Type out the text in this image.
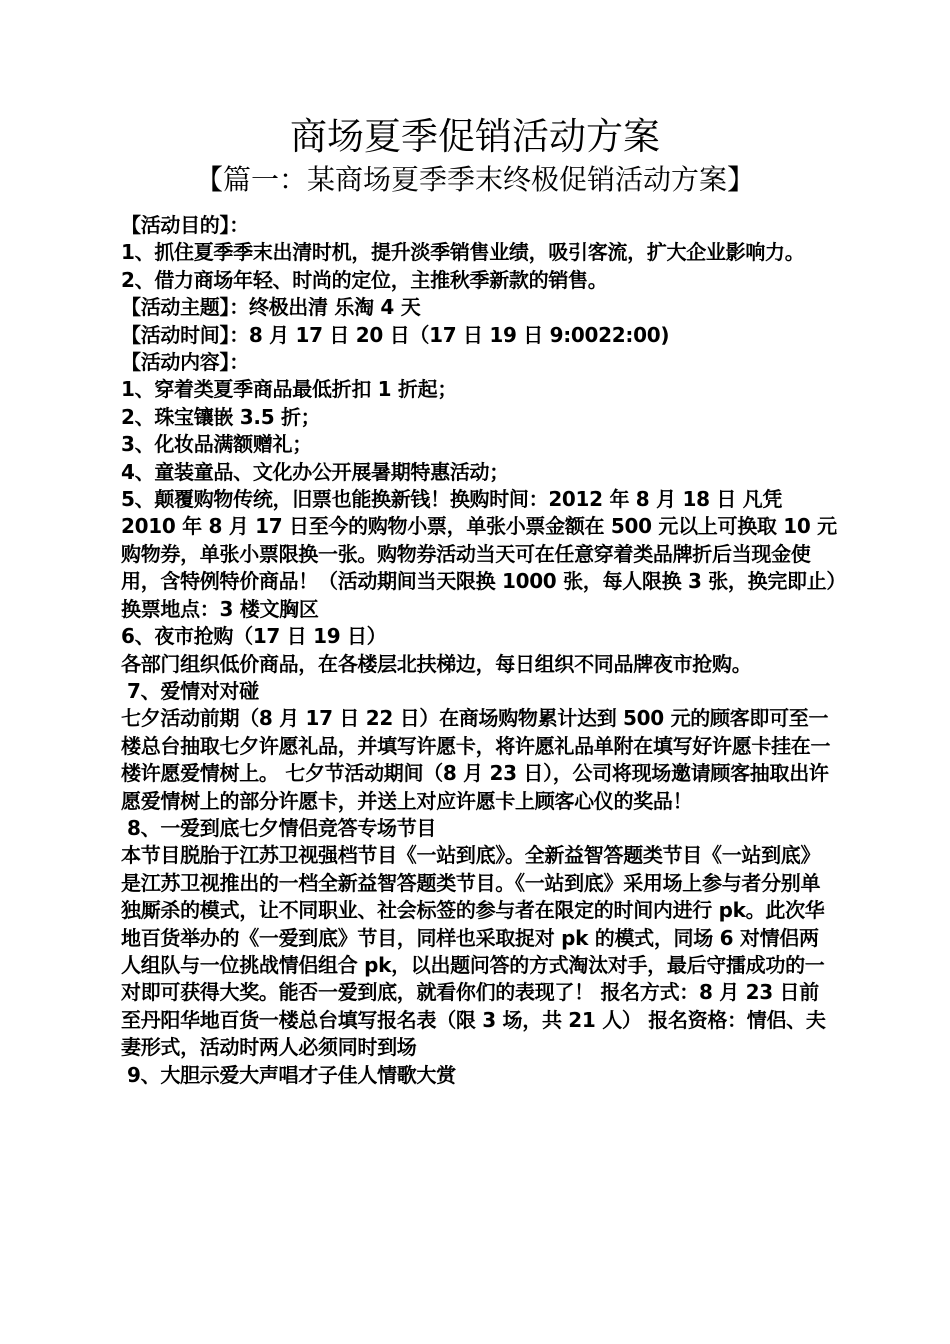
商场夏季促销活动方案
【篇一：某商场夏季季末终极促销活动方案】

【活动目的】：

1、抓住夏季季末出清时机，提升淡季销售业绩，吸引客流，扩大企业影响力。

2、借力商场年轻、时尚的定位，主推秋季新款的销售。

【活动主题】：终极出清 乐淘 4 天

【活动时间】：8 月 17 日 20 日（17 日 19 日 9:0022:00)

【活动内容】：

1、穿着类夏季商品最低折扣 1 折起；

2、珠宝镶嵌 3.5 折；

3、化妆品满额赠礼；

4、童装童品、文化办公开展暑期特惠活动；

5、颠覆购物传统，旧票也能换新钱！换购时间：2012 年 8 月 18 日 凡凭 2010 年 8 月 17 日至今的购物小票，单张小票金额在 500 元以上可换取 10 元购物券，单张小票限换一张。购物券活动当天可在任意穿着类品牌折后当现金使用，含特例特价商品！（活动期间当天限换 1000 张，每人限换 3 张，换完即止）换票地点：3 楼文胸区

6、夜市抢购（17 日 19 日）

各部门组织低价商品，在各楼层北扶梯边，每日组织不同品牌夜市抢购。

7、爱情对对碰

七夕活动前期（8 月 17 日 22 日）在商场购物累计达到 500 元的顾客即可至一楼总台抽取七夕许愿礼品，并填写许愿卡，将许愿礼品单附在填写好许愿卡挂在一楼许愿爱情树上。 七夕节活动期间（8 月 23 日），公司将现场邀请顾客抽取出许愿爱情树上的部分许愿卡，并送上对应许愿卡上顾客心仪的奖品！

8、一爱到底七夕情侣竞答专场节目

本节目脱胎于江苏卫视强档节目《一站到底》。全新益智答题类节目《一站到底》是江苏卫视推出的一档全新益智答题类节目。《一站到底》采用场上参与者分别单独厮杀的模式，让不同职业、社会标签的参与者在限定的时间内进行 pk。此次华地百货举办的《一爱到底》节目，同样也采取捉对 pk 的模式，同场 6 对情侣两人组队与一位挑战情侣组合 pk，以出题问答的方式淘汰对手，最后守擂成功的一对即可获得大奖。能否一爱到底，就看你们的表现了！ 报名方式：8 月 23 日前至丹阳华地百货一楼总台填写报名表（限 3 场，共 21 人） 报名资格：情侣、夫妻形式，活动时两人必须同时到场

9、大胆示爱大声唱才子佳人情歌大赏
